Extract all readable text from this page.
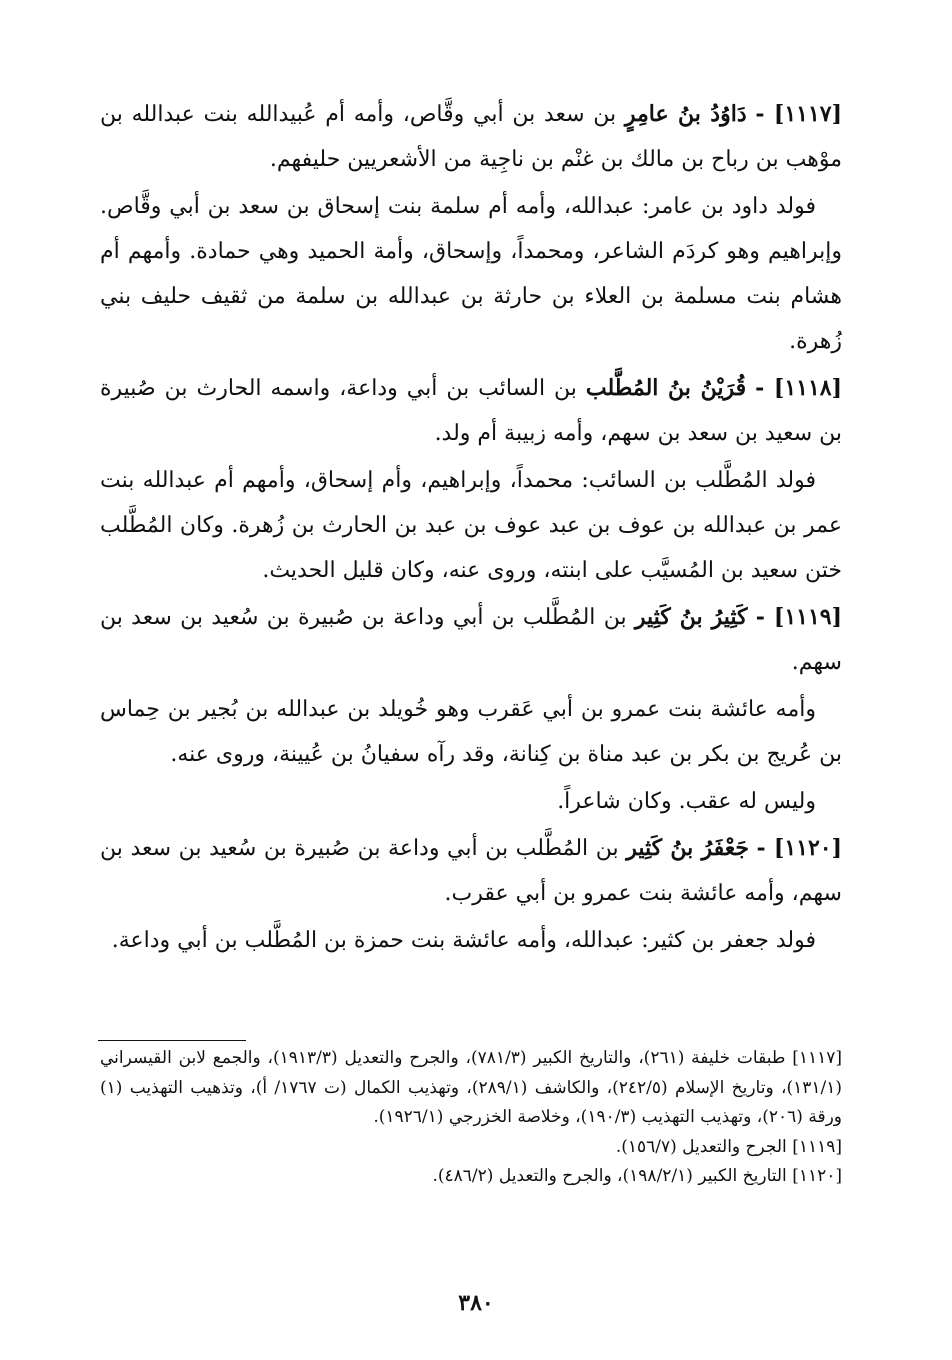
[١١١٧] - دَاوُدُ بنُ عامِرٍ بن سعد بن أبي وقَّاص، وأمه أم عُبيدالله بنت عبدالله بن موْهب بن رباح بن مالك بن غنْم بن ناجِية من الأشعريين حليفهم.

فولد داود بن عامر: عبدالله، وأمه أم سلمة بنت إسحاق بن سعد بن أبي وقَّاص. وإبراهيم وهو كردَم الشاعر، ومحمداً، وإسحاق، وأمة الحميد وهي حمادة. وأمهم أم هشام بنت مسلمة بن العلاء بن حارثة بن عبدالله بن سلمة من ثقيف حليف بني زُهرة.

[١١١٨] - قُرَيْنُ بنُ المُطَّلب بن السائب بن أبي وداعة، واسمه الحارث بن صُبيرة بن سعيد بن سعد بن سهم، وأمه زبيبة أم ولد.

فولد المُطَّلب بن السائب: محمداً، وإبراهيم، وأم إسحاق، وأمهم أم عبدالله بنت عمر بن عبدالله بن عوف بن عبد عوف بن عبد بن الحارث بن زُهرة. وكان المُطَّلب ختن سعيد بن المُسيَّب على ابنته، وروى عنه، وكان قليل الحديث.

[١١١٩] - كَثِيرُ بنُ كَثِير بن المُطَّلب بن أبي وداعة بن صُبيرة بن سُعيد بن سعد بن سهم.

وأمه عائشة بنت عمرو بن أبي عَقرب وهو خُويلد بن عبدالله بن بُجير بن حِماس بن عُريج بن بكر بن عبد مناة بن كِنانة، وقد رآه سفيانُ بن عُيينة، وروى عنه.

وليس له عقب. وكان شاعراً.

[١١٢٠] - جَعْفَرُ بنُ كَثِير بن المُطَّلب بن أبي وداعة بن صُبيرة بن سُعيد بن سعد بن سهم، وأمه عائشة بنت عمرو بن أبي عقرب.

فولد جعفر بن كثير: عبدالله، وأمه عائشة بنت حمزة بن المُطَّلب بن أبي وداعة.

[١١١٧] طبقات خليفة (٢٦١)، والتاريخ الكبير (٧٨١/٣)، والجرح والتعديل (١٩١٣/٣)، والجمع لابن القيسراني (١٣١/١)، وتاريخ الإسلام (٢٤٢/٥)، والكاشف (٢٨٩/١)، وتهذيب الكمال (ت ١٧٦٧/ أ)، وتذهيب التهذيب (١) ورقة (٢٠٦)، وتهذيب التهذيب (١٩٠/٣)، وخلاصة الخزرجي (١٩٢٦/١).

[١١١٩] الجرح والتعديل (١٥٦/٧).

[١١٢٠] التاريخ الكبير (١٩٨/٢/١)، والجرح والتعديل (٤٨٦/٢).

٣٨٠
